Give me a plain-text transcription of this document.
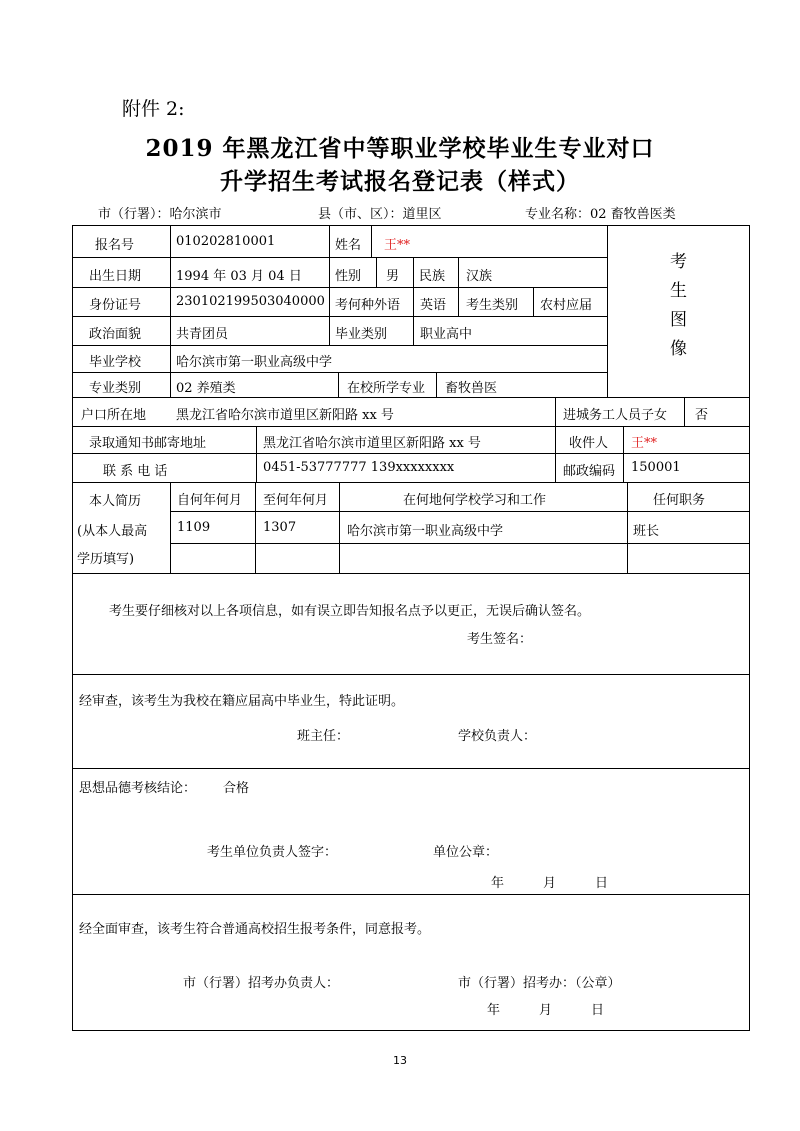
附件 2:
2019 年黑龙江省中等职业学校毕业生专业对口
升学招生考试报名登记表（样式）
市（行署）：哈尔滨市	县（市、区）：道里区	专业名称：02 畜牧兽医类
报名号	010202810001	姓名 王**
考
生
图
像
出生日期	1994 年 03 月 04 日	性别 男 民族 汉族
身份证号	230102199503040000 考何种外语 英语 考生类别 农村应届
政治面貌	共青团员	毕业类别	职业高中
毕业学校	哈尔滨市第一职业高级中学
专业类别	02 养殖类	在校所学专业 畜牧兽医
户口所在地 黑龙江省哈尔滨市道里区新阳路 xx 号	进城务工人员子女 否
录取通知书邮寄地址	黑龙江省哈尔滨市道里区新阳路 xx 号	收件人 王**
联 系 电 话	0451-53777777 139xxxxxxxx	邮政编码 150001
本人简历
(从本人最高
学历填写)
自何年何月 至何年何月	在何地何学校学习和工作	任何职务
1109	1307	哈尔滨市第一职业高级中学	班长
考生要仔细核对以上各项信息，如有误立即告知报名点予以更正，无误后确认签名。
考生签名：
经审查，该考生为我校在籍应届高中毕业生，特此证明。
班主任：	学校负责人：
思想品德考核结论： 合格
考生单位负责人签字：	单位公章：
年　　　月　　　日
经全面审查，该考生符合普通高校招生报考条件，同意报考。
市（行署）招考办负责人：	市（行署）招考办：（公章）
年　　　月　　　日
13
